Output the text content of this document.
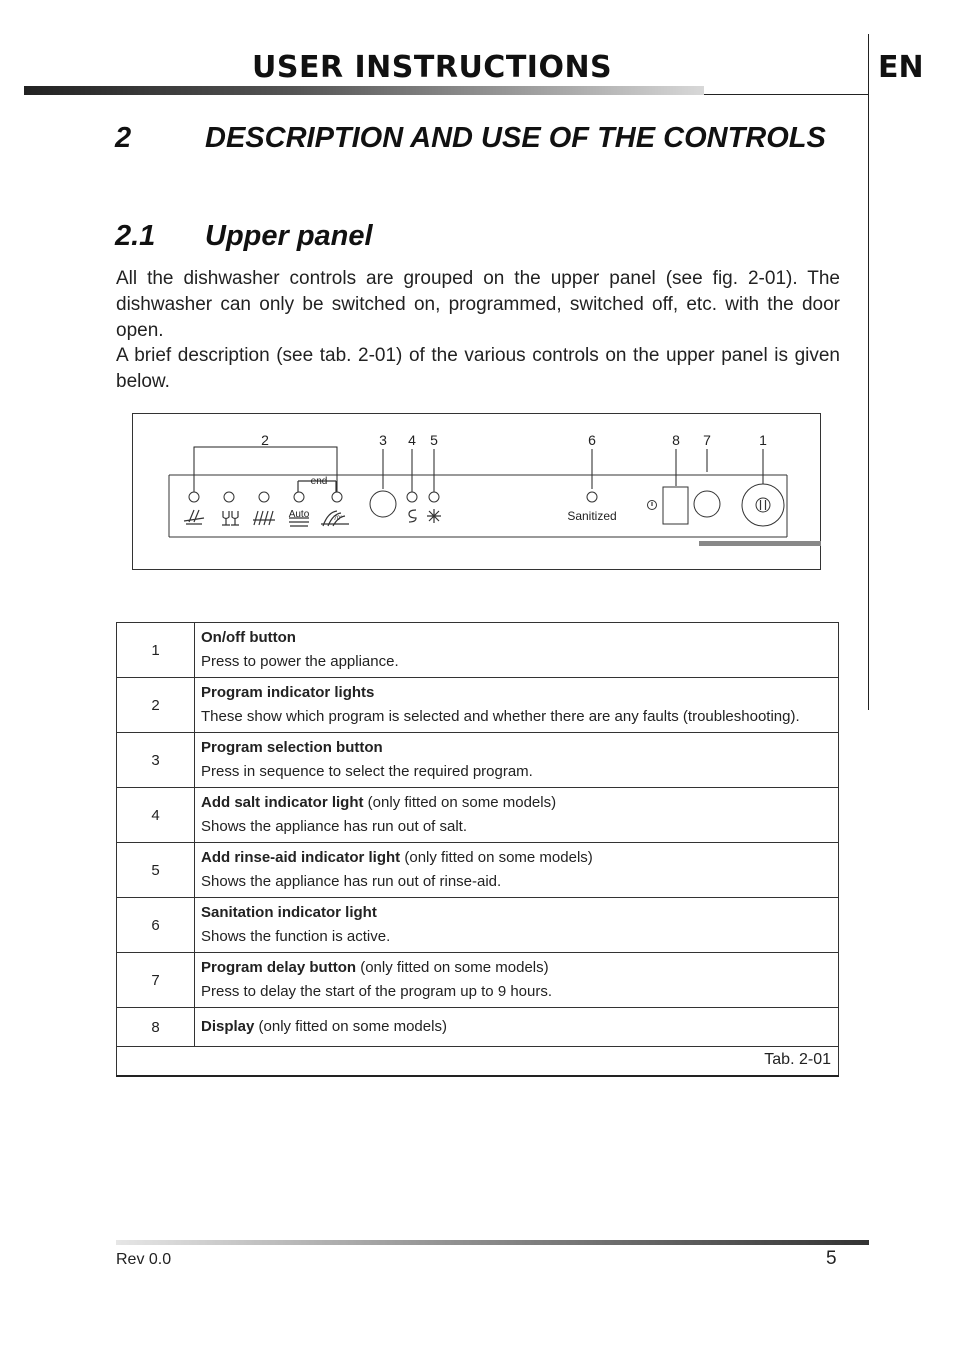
USER INSTRUCTIONS	EN
2	DESCRIPTION AND USE OF THE CONTROLS
2.1 Upper panel

All the dishwasher controls are grouped on the upper panel (see fig. 2-01). The dishwasher can only be switched on, programmed, switched off, etc. with the door open.

A brief description (see tab. 2-01) of the various controls on the upper panel is given below.

2	3 4 5	6	8 7	1
end
Auto	70°	Sanitized
1	On/off button
Press to power the appliance.

2	Program indicator lights
These show which program is selected and whether there are any faults (troubleshooting).

3	Program selection button
Press in sequence to select the required program.

4	Add salt indicator light (only fitted on some models)
Shows the appliance has run out of salt.

5	Add rinse-aid indicator light (only fitted on some models)
Shows the appliance has run out of rinse-aid.

6	Sanitation indicator light
Shows the function is active.

7	Program delay button (only fitted on some models)
Press to delay the start of the program up to 9 hours.

8	Display (only fitted on some models)
Tab. 2-01	
Rev 0.0	5
